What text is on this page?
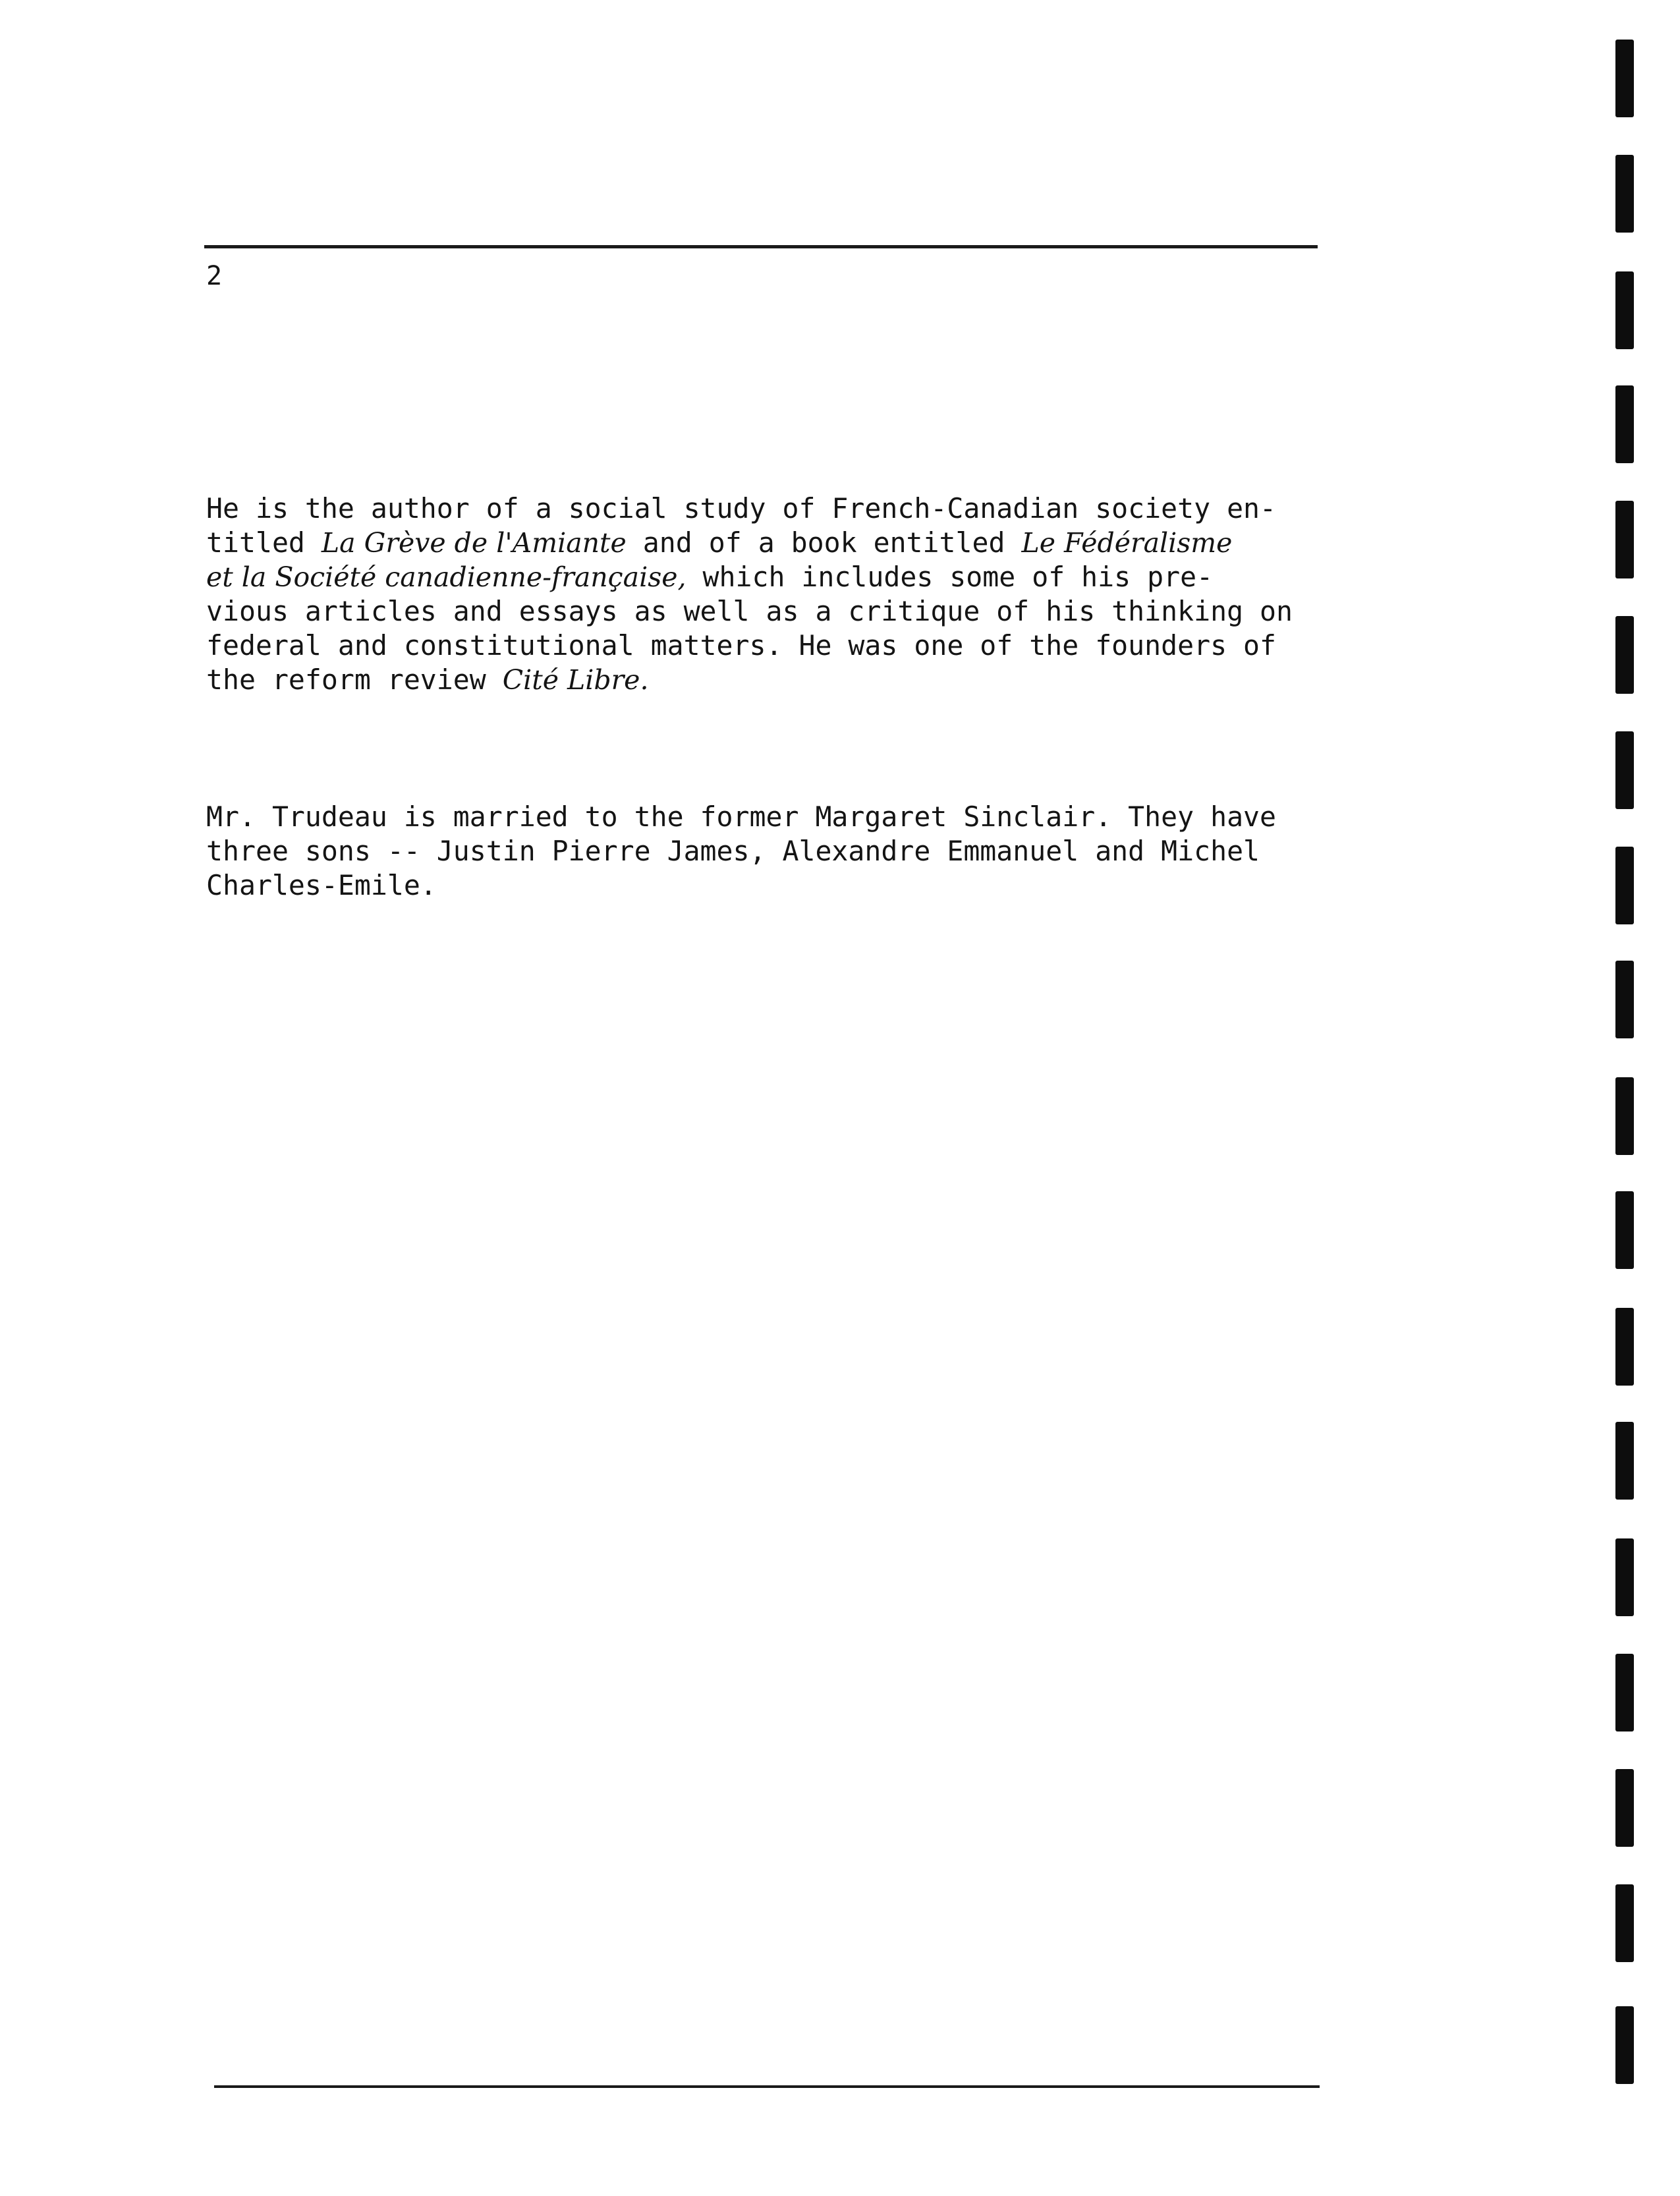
2

He is the author of a social study of French-Canadian society en-
titled La Grève de l'Amiante and of a book entitled Le Fédéralisme
et la Société canadienne-française, which includes some of his pre-
vious articles and essays as well as a critique of his thinking on
federal and constitutional matters. He was one of the founders of
the reform review Cité Libre.

Mr. Trudeau is married to the former Margaret Sinclair. They have
three sons -- Justin Pierre James, Alexandre Emmanuel and Michel
Charles-Emile.
